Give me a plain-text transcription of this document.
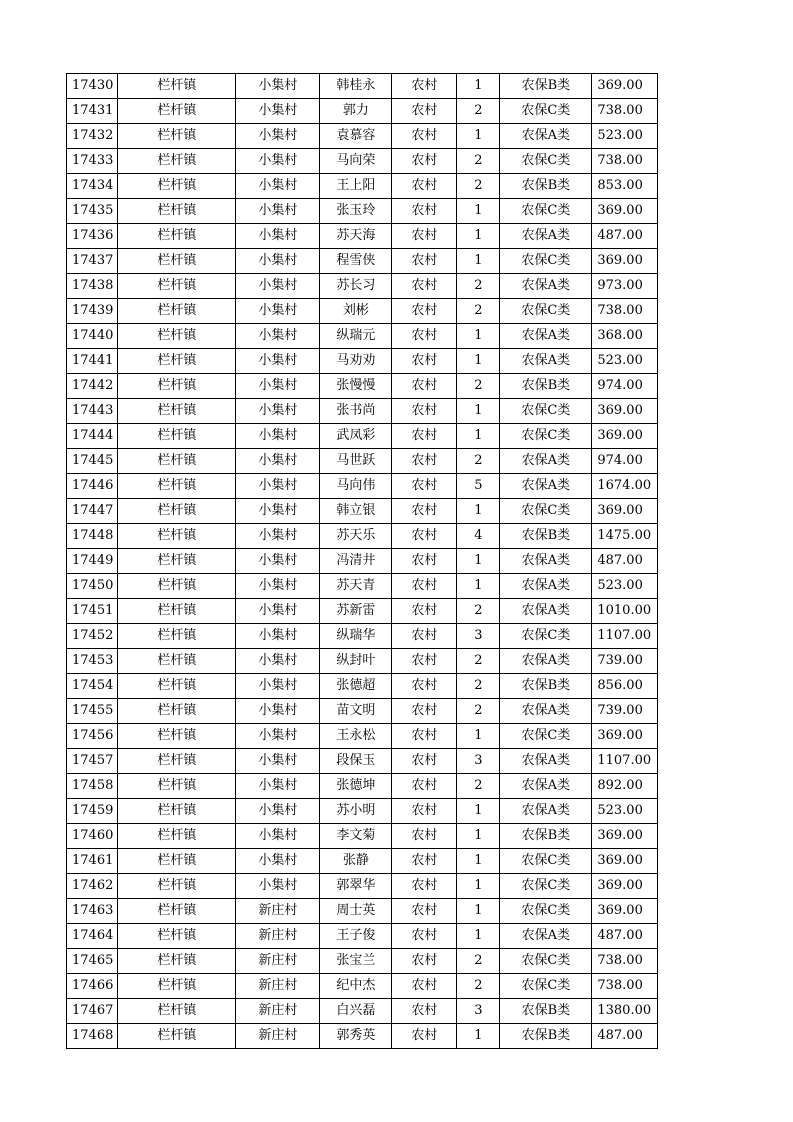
17430	栏杆镇	小集村	韩桂永	农村	1	农保B类	369.00
17431	栏杆镇	小集村	郭力	农村	2	农保C类	738.00
17432	栏杆镇	小集村	袁慕容	农村	1	农保A类	523.00
17433	栏杆镇	小集村	马向荣	农村	2	农保C类	738.00
17434	栏杆镇	小集村	王上阳	农村	2	农保B类	853.00
17435	栏杆镇	小集村	张玉玲	农村	1	农保C类	369.00
17436	栏杆镇	小集村	苏天海	农村	1	农保A类	487.00
17437	栏杆镇	小集村	程雪侠	农村	1	农保C类	369.00
17438	栏杆镇	小集村	苏长习	农村	2	农保A类	973.00
17439	栏杆镇	小集村	刘彬	农村	2	农保C类	738.00
17440	栏杆镇	小集村	纵瑞元	农村	1	农保A类	368.00
17441	栏杆镇	小集村	马劝劝	农村	1	农保A类	523.00
17442	栏杆镇	小集村	张慢慢	农村	2	农保B类	974.00
17443	栏杆镇	小集村	张书尚	农村	1	农保C类	369.00
17444	栏杆镇	小集村	武凤彩	农村	1	农保C类	369.00
17445	栏杆镇	小集村	马世跃	农村	2	农保A类	974.00
17446	栏杆镇	小集村	马向伟	农村	5	农保A类	1674.00
17447	栏杆镇	小集村	韩立银	农村	1	农保C类	369.00
17448	栏杆镇	小集村	苏天乐	农村	4	农保B类	1475.00
17449	栏杆镇	小集村	冯清井	农村	1	农保A类	487.00
17450	栏杆镇	小集村	苏天青	农村	1	农保A类	523.00
17451	栏杆镇	小集村	苏新雷	农村	2	农保A类	1010.00
17452	栏杆镇	小集村	纵瑞华	农村	3	农保C类	1107.00
17453	栏杆镇	小集村	纵封叶	农村	2	农保A类	739.00
17454	栏杆镇	小集村	张德超	农村	2	农保B类	856.00
17455	栏杆镇	小集村	苗文明	农村	2	农保A类	739.00
17456	栏杆镇	小集村	王永松	农村	1	农保C类	369.00
17457	栏杆镇	小集村	段保玉	农村	3	农保A类	1107.00
17458	栏杆镇	小集村	张德坤	农村	2	农保A类	892.00
17459	栏杆镇	小集村	苏小明	农村	1	农保A类	523.00
17460	栏杆镇	小集村	李文菊	农村	1	农保B类	369.00
17461	栏杆镇	小集村	张静	农村	1	农保C类	369.00
17462	栏杆镇	小集村	郭翠华	农村	1	农保C类	369.00
17463	栏杆镇	新庄村	周士英	农村	1	农保C类	369.00
17464	栏杆镇	新庄村	王子俊	农村	1	农保A类	487.00
17465	栏杆镇	新庄村	张宝兰	农村	2	农保C类	738.00
17466	栏杆镇	新庄村	纪中杰	农村	2	农保C类	738.00
17467	栏杆镇	新庄村	白兴磊	农村	3	农保B类	1380.00
17468	栏杆镇	新庄村	郭秀英	农村	1	农保B类	487.00
